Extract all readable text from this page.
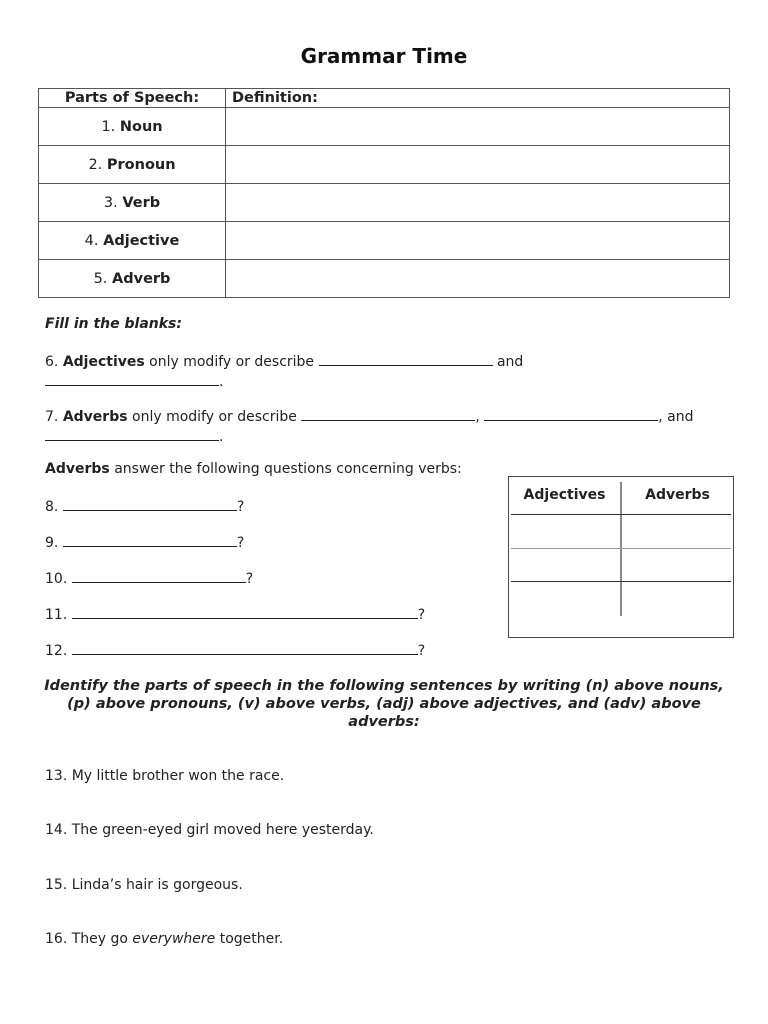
Grammar Time
Parts of Speech:	Definition:
1. Noun	
2. Pronoun	
3. Verb	
4. Adjective	
5. Adverb	
Fill in the blanks:
6. Adjectives only modify or describe	and
.
7. Adverbs only modify or describe	,	, and
.
Adverbs answer the following questions concerning verbs:
8.	?
9.	?
10.	?
11.	?
12.	?
Adjectives	Adverbs
Identify the parts of speech in the following sentences by writing (n) above nouns, (p) above pronouns, (v) above verbs, (adj) above adjectives, and (adv) above adverbs:
13. My little brother won the race.
14. The green-eyed girl moved here yesterday.
15. Linda’s hair is gorgeous.
16. They go everywhere together.
